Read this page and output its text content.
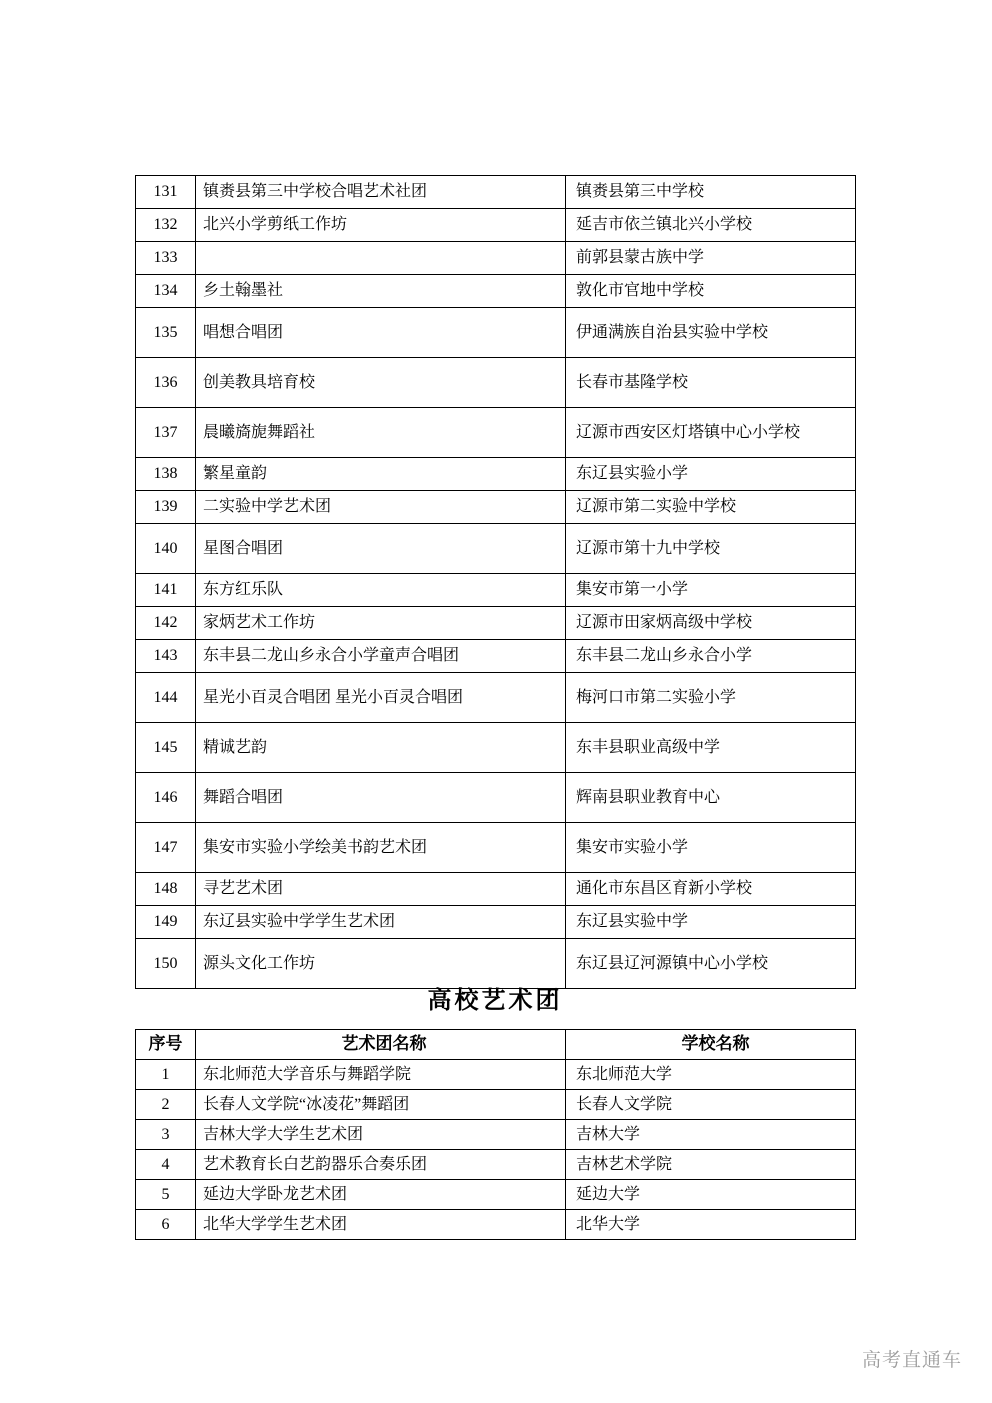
131	镇赉县第三中学校合唱艺术社团	镇赉县第三中学校
132	北兴小学剪纸工作坊	延吉市依兰镇北兴小学校
133		前郭县蒙古族中学
134	乡土翰墨社	敦化市官地中学校
135	唱想合唱团	伊通满族自治县实验中学校
136	创美教具培育校	长春市基隆学校
137	晨曦旖旎舞蹈社	辽源市西安区灯塔镇中心小学校
138	繁星童韵	东辽县实验小学
139	二实验中学艺术团	辽源市第二实验中学校
140	星图合唱团	辽源市第十九中学校
141	东方红乐队	集安市第一小学
142	家炳艺术工作坊	辽源市田家炳高级中学校
143	东丰县二龙山乡永合小学童声合唱团	东丰县二龙山乡永合小学
144	星光小百灵合唱团 星光小百灵合唱团	梅河口市第二实验小学
145	精诚艺韵	东丰县职业高级中学
146	舞蹈合唱团	辉南县职业教育中心
147	集安市实验小学绘美书韵艺术团	集安市实验小学
148	寻艺艺术团	通化市东昌区育新小学校
149	东辽县实验中学学生艺术团	东辽县实验中学
150	源头文化工作坊	东辽县辽河源镇中心小学校
高校艺术团
序号	艺术团名称	学校名称
1	东北师范大学音乐与舞蹈学院	东北师范大学
2	长春人文学院“冰凌花”舞蹈团	长春人文学院
3	吉林大学大学生艺术团	吉林大学
4	艺术教育长白艺韵器乐合奏乐团	吉林艺术学院
5	延边大学卧龙艺术团	延边大学
6	北华大学学生艺术团	北华大学
高考直通车
